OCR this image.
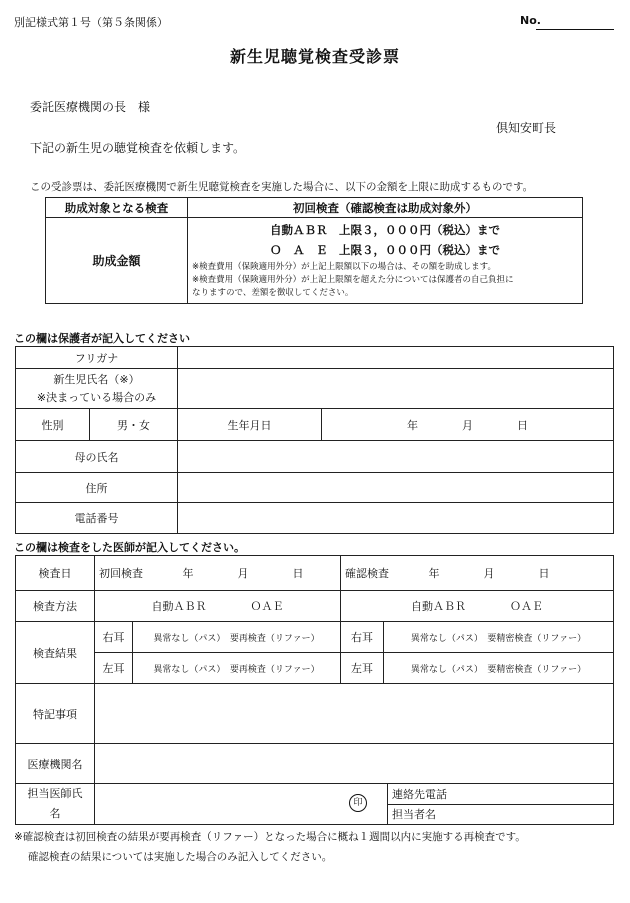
別記様式第１号（第５条関係）	No.
新生児聴覚検査受診票
委託医療機関の長　様
倶知安町長
下記の新生児の聴覚検査を依頼します。
この受診票は、委託医療機関で新生児聴覚検査を実施した場合に、以下の金額を上限に助成するものです。
助成対象となる検査	初回検査（確認検査は助成対象外）
助成金額	自動ＡＢＲ　上限３，０００円（税込）まで
Ｏ　Ａ　Ｅ　上限３，０００円（税込）まで
※検査費用（保険適用外分）が上記上限額以下の場合は、その額を助成します。
※検査費用（保険適用外分）が上記上限額を超えた分については保護者の自己負担に
なりますので、差額を徴収してください。
この欄は保護者が記入してください
フリガナ			

新生児氏名（※）
※決まっている場合のみ			

性別	男・女	生年月日	年　　　　月　　　　日
母の氏名			
住所			
電話番号			
この欄は検査をした医師が記入してください。
検査日	初回検査 年　　　　月　　　　日		確認検査 年　　　　月　　　　日		
検査方法	自動ＡＢＲ　　　　ＯＡＥ		自動ＡＢＲ　　　　ＯＡＥ		
検査結果	右耳	異常なし（パス）　要再検査（リファー）	右耳	異常なし（パス）　要精密検査（リファー）	
	左耳	異常なし（パス）　要再検査（リファー）	左耳	異常なし（パス）　要精密検査（リファー）	
特記事項					
医療機関名					

担当医師氏
名	印				連絡先電話
					担当者名
※確認検査は初回検査の結果が要再検査（リファー）となった場合に概ね１週間以内に実施する再検査です。
確認検査の結果については実施した場合のみ記入してください。
